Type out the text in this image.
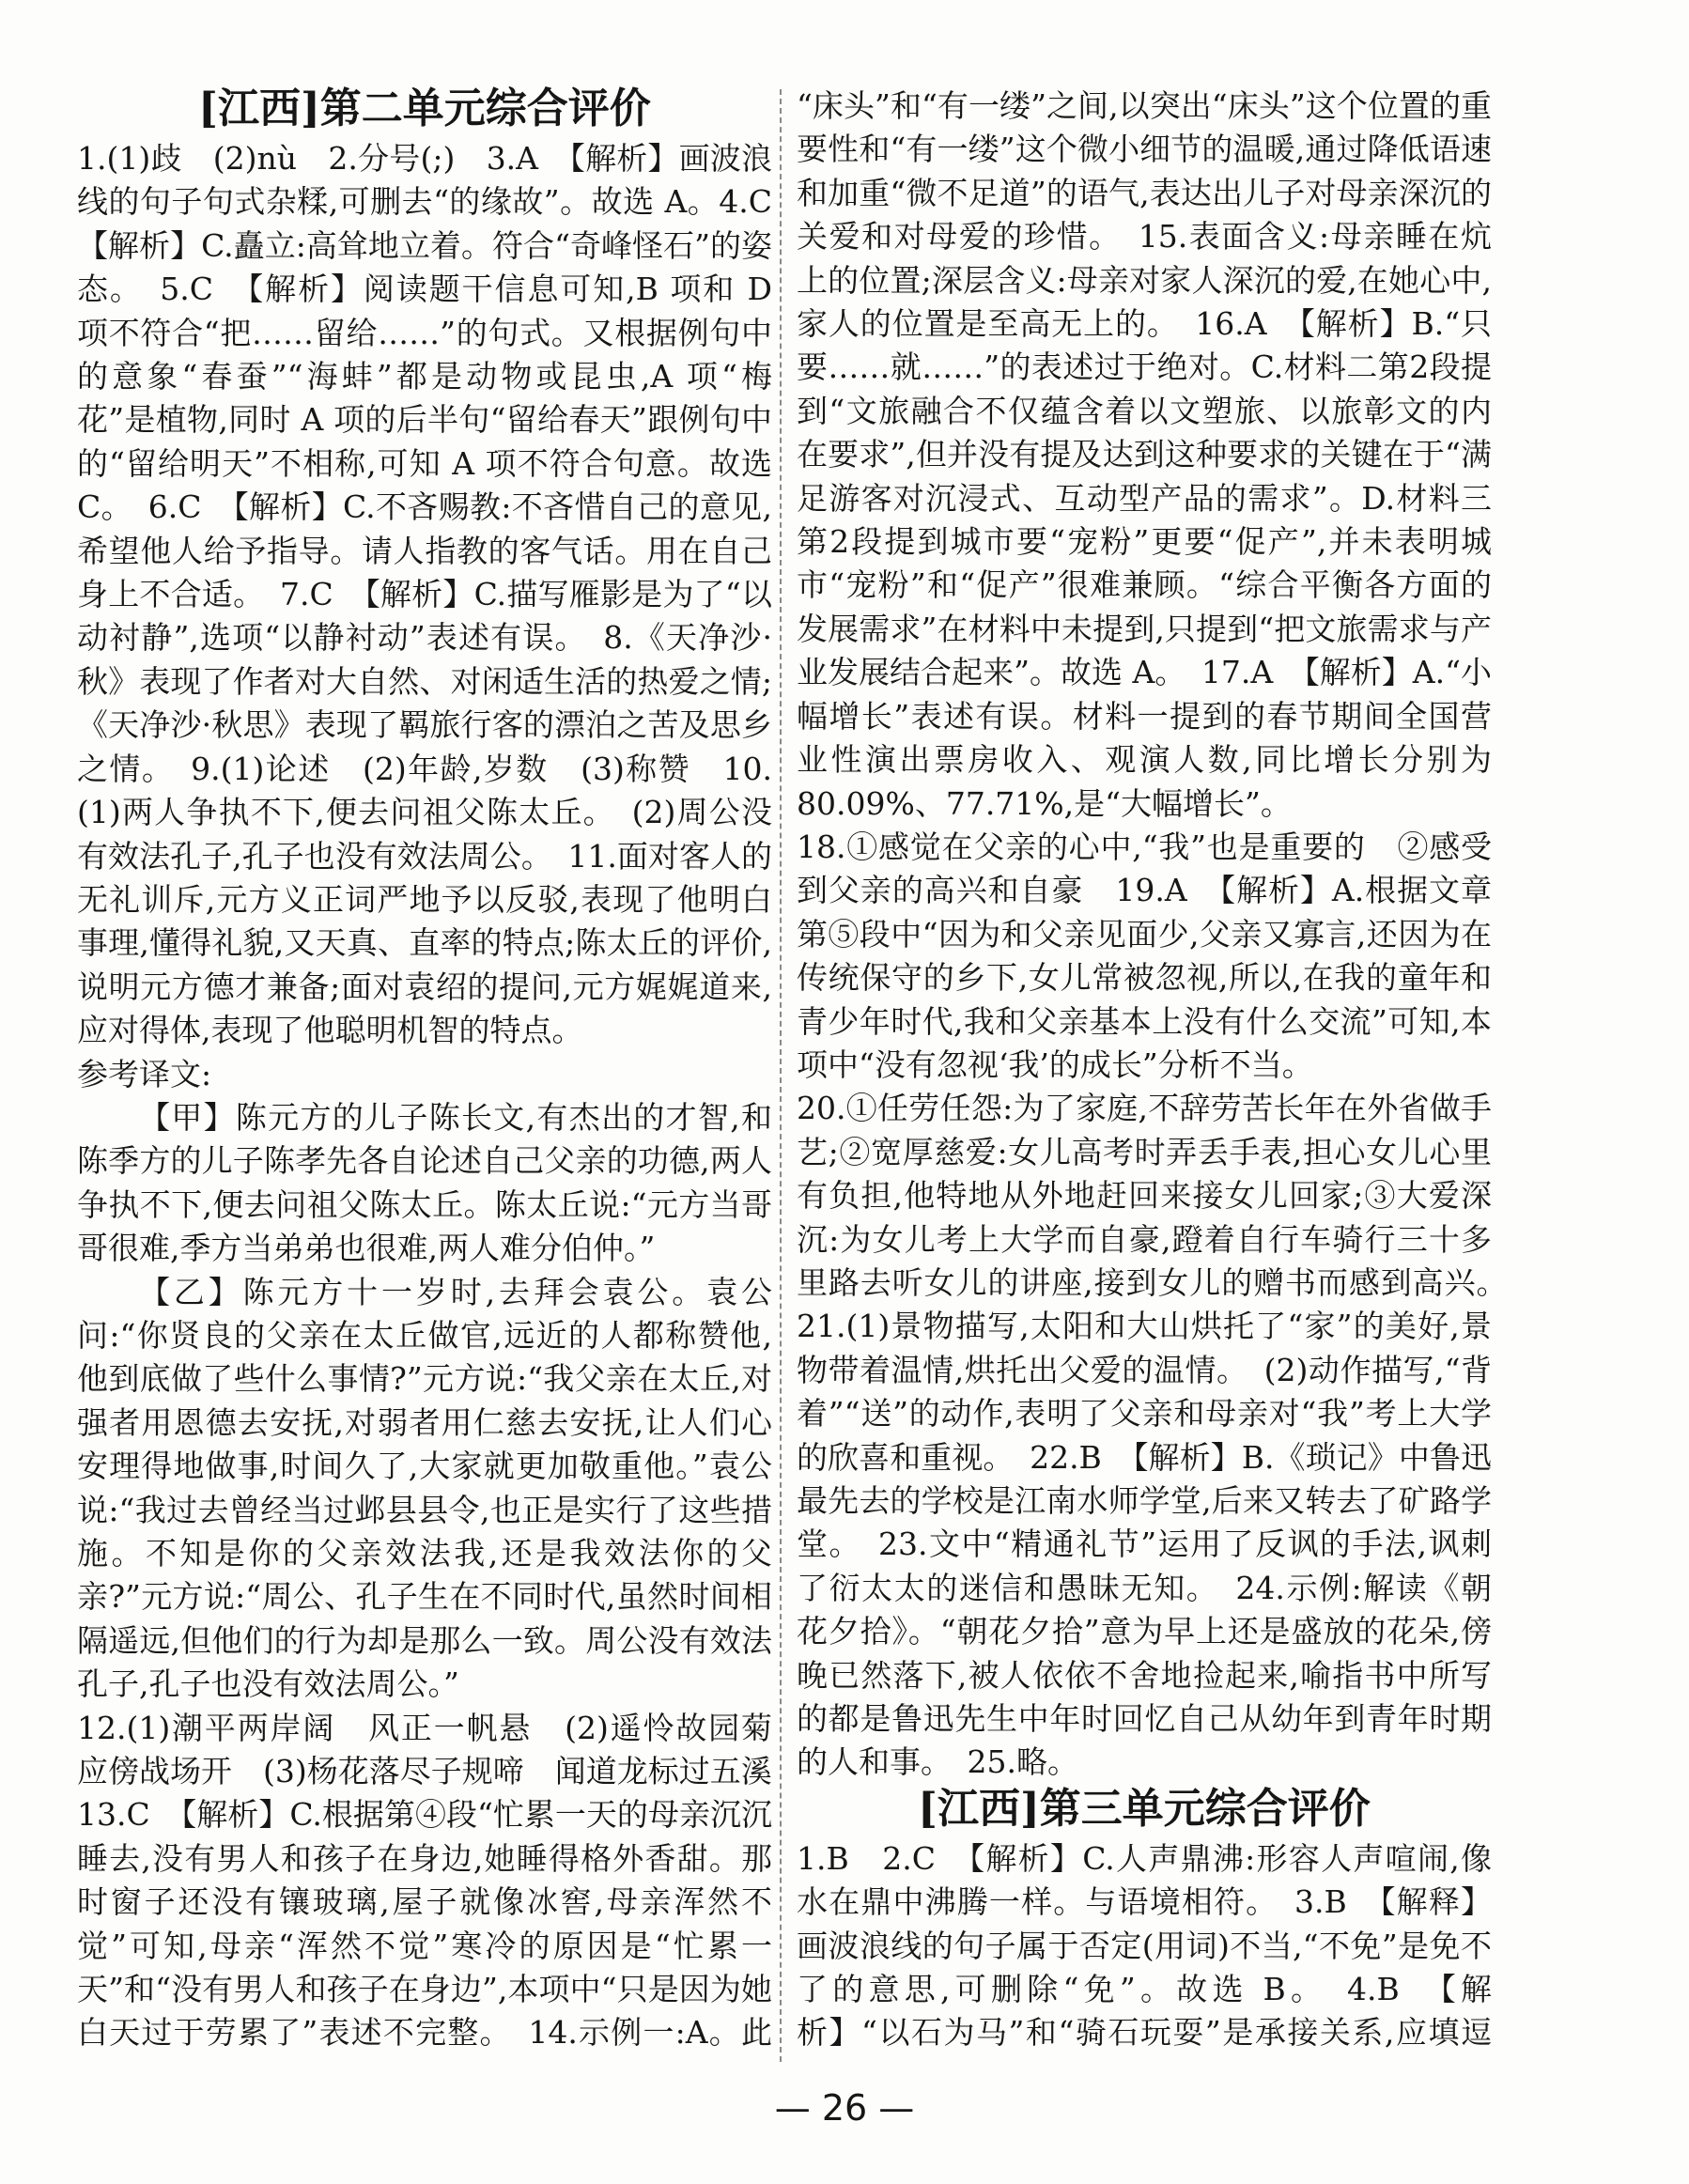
[江西]第二单元综合评价

1.(1)歧　(2)nù　2.分号(;)　3.A　【解析】画波浪线的句子句式杂糅,可删去“的缘故”。故选 A。4.C　【解析】C.矗立:高耸地立着。符合“奇峰怪石”的姿态。　5.C　【解析】阅读题干信息可知,B 项和 D 项不符合“把……留给……”的句式。又根据例句中的意象“春蚕”“海蚌”都是动物或昆虫,A 项“梅花”是植物,同时 A 项的后半句“留给春天”跟例句中的“留给明天”不相称,可知 A 项不符合句意。故选 C。　6.C　【解析】C.不吝赐教:不吝惜自己的意见,希望他人给予指导。请人指教的客气话。用在自己身上不合适。　7.C　【解析】C.描写雁影是为了“以动衬静”,选项“以静衬动”表述有误。　8.《天净沙·秋》表现了作者对大自然、对闲适生活的热爱之情;《天净沙·秋思》表现了羁旅行客的漂泊之苦及思乡之情。　9.(1)论述　(2)年龄,岁数　(3)称赞　10.(1)两人争执不下,便去问祖父陈太丘。　(2)周公没有效法孔子,孔子也没有效法周公。　11.面对客人的无礼训斥,元方义正词严地予以反驳,表现了他明白事理,懂得礼貌,又天真、直率的特点;陈太丘的评价,说明元方德才兼备;面对袁绍的提问,元方娓娓道来,应对得体,表现了他聪明机智的特点。

参考译文:

【甲】陈元方的儿子陈长文,有杰出的才智,和陈季方的儿子陈孝先各自论述自己父亲的功德,两人争执不下,便去问祖父陈太丘。陈太丘说:“元方当哥哥很难,季方当弟弟也很难,两人难分伯仲。”

【乙】陈元方十一岁时,去拜会袁公。袁公问:“你贤良的父亲在太丘做官,远近的人都称赞他,他到底做了些什么事情?”元方说:“我父亲在太丘,对强者用恩德去安抚,对弱者用仁慈去安抚,让人们心安理得地做事,时间久了,大家就更加敬重他。”袁公说:“我过去曾经当过邺县县令,也正是实行了这些措施。不知是你的父亲效法我,还是我效法你的父亲?”元方说:“周公、孔子生在不同时代,虽然时间相隔遥远,但他们的行为却是那么一致。周公没有效法孔子,孔子也没有效法周公。”

12.(1)潮平两岸阔　风正一帆悬　(2)遥怜故园菊　应傍战场开　(3)杨花落尽子规啼　闻道龙标过五溪

13.C　【解析】C.根据第④段“忙累一天的母亲沉沉睡去,没有男人和孩子在身边,她睡得格外香甜。那时窗子还没有镶玻璃,屋子就像冰窖,母亲浑然不觉”可知,母亲“浑然不觉”寒冷的原因是“忙累一天”和“没有男人和孩子在身边”,本项中“只是因为她白天过于劳累了”表述不完整。　14.示例一:A。此

“床头”和“有一缕”之间,以突出“床头”这个位置的重要性和“有一缕”这个微小细节的温暖,通过降低语速和加重“微不足道”的语气,表达出儿子对母亲深沉的关爱和对母爱的珍惜。　15.表面含义:母亲睡在炕上的位置;深层含义:母亲对家人深沉的爱,在她心中,家人的位置是至高无上的。　16.A　【解析】B.“只要……就……”的表述过于绝对。C.材料二第2段提到“文旅融合不仅蕴含着以文塑旅、以旅彰文的内在要求”,但并没有提及达到这种要求的关键在于“满足游客对沉浸式、互动型产品的需求”。D.材料三第2段提到城市要“宠粉”更要“促产”,并未表明城市“宠粉”和“促产”很难兼顾。“综合平衡各方面的发展需求”在材料中未提到,只提到“把文旅需求与产业发展结合起来”。故选 A。　17.A　【解析】A.“小幅增长”表述有误。材料一提到的春节期间全国营业性演出票房收入、观演人数,同比增长分别为 80.09%、77.71%,是“大幅增长”。

18.①感觉在父亲的心中,“我”也是重要的　②感受到父亲的高兴和自豪　19.A　【解析】A.根据文章第⑤段中“因为和父亲见面少,父亲又寡言,还因为在传统保守的乡下,女儿常被忽视,所以,在我的童年和青少年时代,我和父亲基本上没有什么交流”可知,本项中“没有忽视‘我’的成长”分析不当。

20.①任劳任怨:为了家庭,不辞劳苦长年在外省做手艺;②宽厚慈爱:女儿高考时弄丢手表,担心女儿心里有负担,他特地从外地赶回来接女儿回家;③大爱深沉:为女儿考上大学而自豪,蹬着自行车骑行三十多里路去听女儿的讲座,接到女儿的赠书而感到高兴。　21.(1)景物描写,太阳和大山烘托了“家”的美好,景物带着温情,烘托出父爱的温情。　(2)动作描写,“背着”“送”的动作,表明了父亲和母亲对“我”考上大学的欣喜和重视。　22.B　【解析】B.《琐记》中鲁迅最先去的学校是江南水师学堂,后来又转去了矿路学堂。　23.文中“精通礼节”运用了反讽的手法,讽刺了衍太太的迷信和愚昧无知。　24.示例:解读《朝花夕拾》。“朝花夕拾”意为早上还是盛放的花朵,傍晚已然落下,被人依依不舍地捡起来,喻指书中所写的都是鲁迅先生中年时回忆自己从幼年到青年时期的人和事。　25.略。

[江西]第三单元综合评价

1.B　2.C　【解析】C.人声鼎沸:形容人声喧闹,像水在鼎中沸腾一样。与语境相符。　3.B　【解释】画波浪线的句子属于否定(用词)不当,“不免”是免不了的意思,可删除“免”。故选 B。　4.B　【解析】“以石为马”和“骑石玩耍”是承接关系,应填逗 　　 　　

— 26 —
